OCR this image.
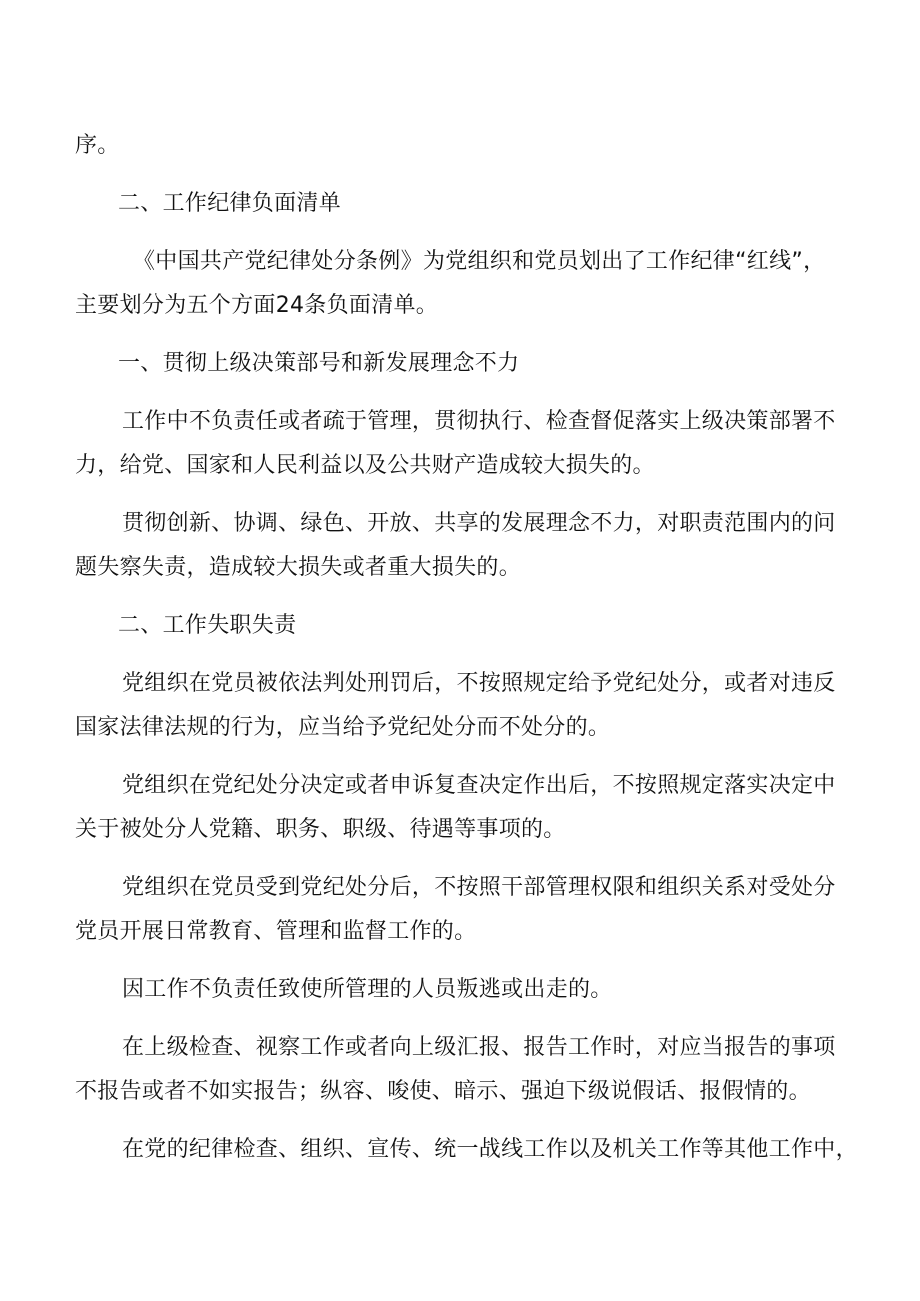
序。
二、工作纪律负面清单
《中国共产党纪律处分条例》为党组织和党员划出了工作纪律“红线”，
主要划分为五个方面24条负面清单。
一、贯彻上级决策部号和新发展理念不力
工作中不负责任或者疏于管理，贯彻执行、检查督促落实上级决策部署不
力，给党、国家和人民利益以及公共财产造成较大损失的。
贯彻创新、协调、绿色、开放、共享的发展理念不力，对职责范围内的问
题失察失责，造成较大损失或者重大损失的。
二、工作失职失责
党组织在党员被依法判处刑罚后，不按照规定给予党纪处分，或者对违反
国家法律法规的行为，应当给予党纪处分而不处分的。
党组织在党纪处分决定或者申诉复查决定作出后，不按照规定落实决定中
关于被处分人党籍、职务、职级、待遇等事项的。
党组织在党员受到党纪处分后，不按照干部管理权限和组织关系对受处分
党员开展日常教育、管理和监督工作的。
因工作不负责任致使所管理的人员叛逃或出走的。
在上级检查、视察工作或者向上级汇报、报告工作时，对应当报告的事项
不报告或者不如实报告；纵容、唆使、暗示、强迫下级说假话、报假情的。
在党的纪律检查、组织、宣传、统一战线工作以及机关工作等其他工作中，
